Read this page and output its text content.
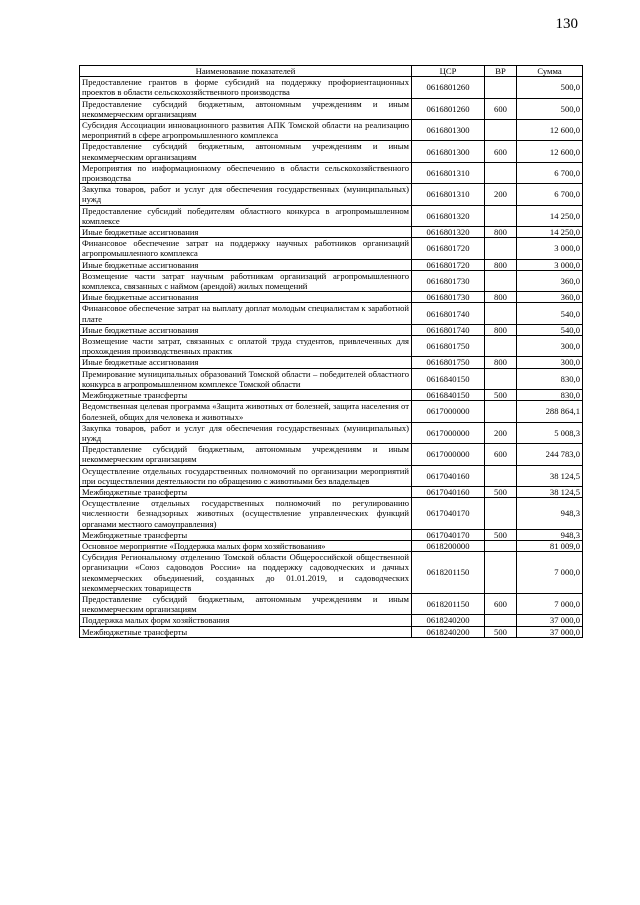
130
Наименование показателей	ЦСР	ВР	Сумма
Предоставление грантов в форме субсидий на поддержку профориентационных проектов в области сельскохозяйственного производства	0616801260		500,0
Предоставление субсидий бюджетным, автономным учреждениям и иным некоммерческим организациям	0616801260	600	500,0
Субсидия Ассоциации инновационного развития АПК Томской области на реализацию мероприятий в сфере агропромышленного комплекса	0616801300		12 600,0
Предоставление субсидий бюджетным, автономным учреждениям и иным некоммерческим организациям	0616801300	600	12 600,0
Мероприятия по информационному обеспечению в области сельскохозяйственного производства	0616801310		6 700,0
Закупка товаров, работ и услуг для обеспечения государственных (муниципальных) нужд	0616801310	200	6 700,0
Предоставление субсидий победителям областного конкурса в агропромышленном комплексе	0616801320		14 250,0
Иные бюджетные ассигнования	0616801320	800	14 250,0
Финансовое обеспечение затрат на поддержку научных работников организаций агропромышленного комплекса	0616801720		3 000,0
Иные бюджетные ассигнования	0616801720	800	3 000,0
Возмещение части затрат научным работникам организаций агропромышленного комплекса, связанных с наймом (арендой) жилых помещений	0616801730		360,0
Иные бюджетные ассигнования	0616801730	800	360,0
Финансовое обеспечение затрат на выплату доплат молодым специалистам к заработной плате	0616801740		540,0
Иные бюджетные ассигнования	0616801740	800	540,0
Возмещение части затрат, связанных с оплатой труда студентов, привлеченных для прохождения производственных практик	0616801750		300,0
Иные бюджетные ассигнования	0616801750	800	300,0
Премирование муниципальных образований Томской области – победителей областного конкурса в агропромышленном комплексе Томской области	0616840150		830,0
Межбюджетные трансферты	0616840150	500	830,0
Ведомственная целевая программа «Защита животных от болезней, защита населения от болезней, общих для человека и животных»	0617000000		288 864,1
Закупка товаров, работ и услуг для обеспечения государственных (муниципальных) нужд	0617000000	200	5 008,3
Предоставление субсидий бюджетным, автономным учреждениям и иным некоммерческим организациям	0617000000	600	244 783,0
Осуществление отдельных государственных полномочий по организации мероприятий при осуществлении деятельности по обращению с животными без владельцев	0617040160		38 124,5
Межбюджетные трансферты	0617040160	500	38 124,5
Осуществление отдельных государственных полномочий по регулированию численности безнадзорных животных (осуществление управленческих функций органами местного самоуправления)	0617040170		948,3
Межбюджетные трансферты	0617040170	500	948,3
Основное мероприятие «Поддержка малых форм хозяйствования»	0618200000		81 009,0
Субсидия Региональному отделению Томской области Общероссийской общественной организации «Союз садоводов России» на поддержку садоводческих и дачных некоммерческих объединений, созданных до 01.01.2019, и садоводческих некоммерческих товариществ	0618201150		7 000,0
Предоставление субсидий бюджетным, автономным учреждениям и иным некоммерческим организациям	0618201150	600	7 000,0
Поддержка малых форм хозяйствования	0618240200		37 000,0
Межбюджетные трансферты	0618240200	500	37 000,0
